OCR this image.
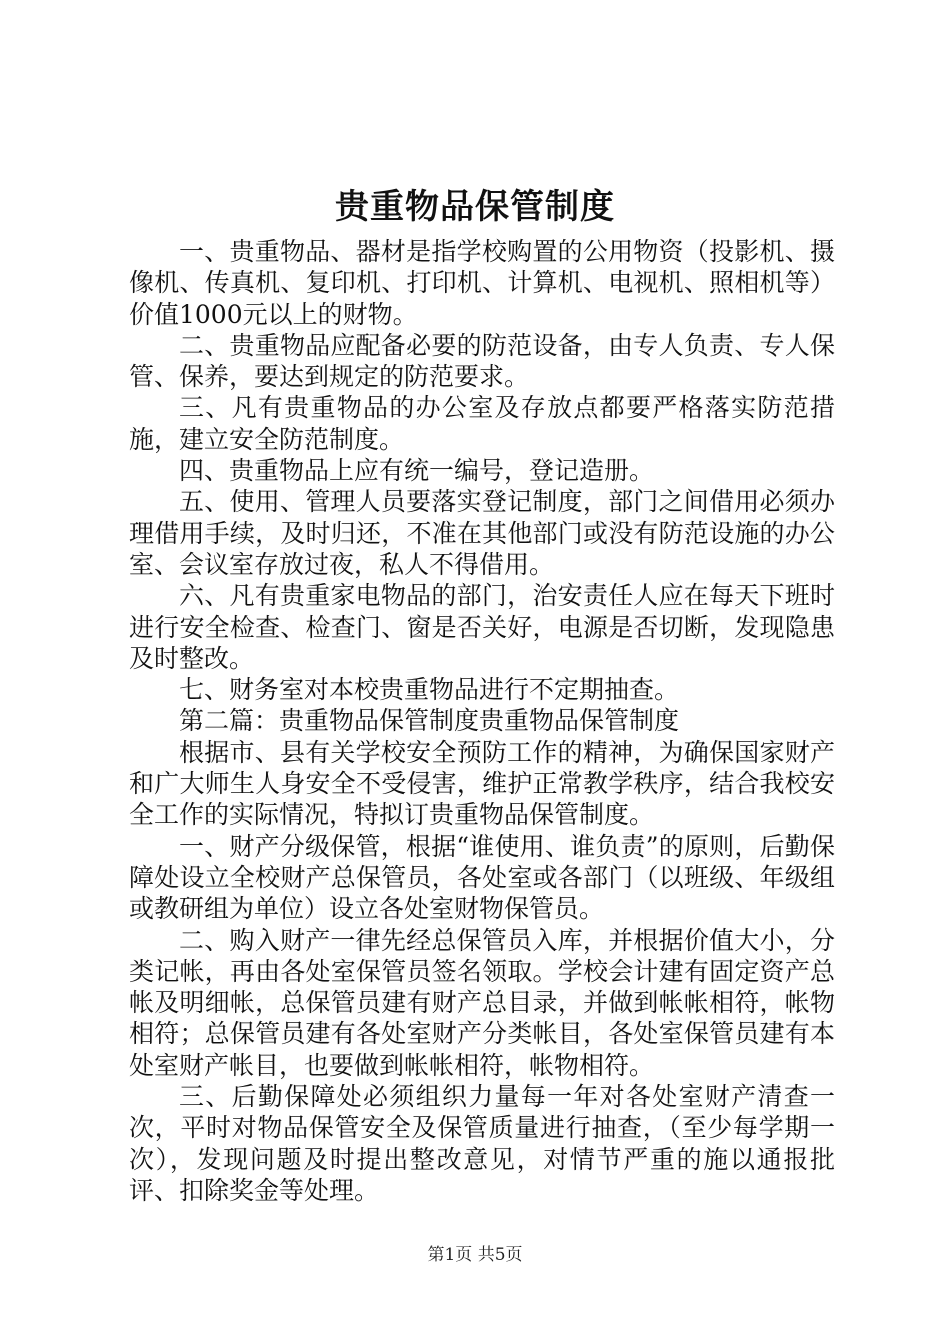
贵重物品保管制度

一、贵重物品、器材是指学校购置的公用物资（投影机、摄像机、传真机、复印机、打印机、计算机、电视机、照相机等）价值1000元以上的财物。

二、贵重物品应配备必要的防范设备，由专人负责、专人保管、保养，要达到规定的防范要求。

三、凡有贵重物品的办公室及存放点都要严格落实防范措施，建立安全防范制度。

四、贵重物品上应有统一编号，登记造册。

五、使用、管理人员要落实登记制度，部门之间借用必须办理借用手续，及时归还，不准在其他部门或没有防范设施的办公室、会议室存放过夜，私人不得借用。

六、凡有贵重家电物品的部门，治安责任人应在每天下班时进行安全检查、检查门、窗是否关好，电源是否切断，发现隐患及时整改。

七、财务室对本校贵重物品进行不定期抽查。

第二篇：贵重物品保管制度贵重物品保管制度

根据市、县有关学校安全预防工作的精神，为确保国家财产和广大师生人身安全不受侵害，维护正常教学秩序，结合我校安全工作的实际情况，特拟订贵重物品保管制度。

一、财产分级保管，根据“谁使用、谁负责”的原则，后勤保障处设立全校财产总保管员，各处室或各部门（以班级、年级组或教研组为单位）设立各处室财物保管员。

二、购入财产一律先经总保管员入库，并根据价值大小，分类记帐，再由各处室保管员签名领取。学校会计建有固定资产总帐及明细帐，总保管员建有财产总目录，并做到帐帐相符，帐物相符；总保管员建有各处室财产分类帐目，各处室保管员建有本处室财产帐目，也要做到帐帐相符，帐物相符。

三、后勤保障处必须组织力量每一年对各处室财产清查一次，平时对物品保管安全及保管质量进行抽查，（至少每学期一次），发现问题及时提出整改意见，对情节严重的施以通报批评、扣除奖金等处理。

第1页 共5页
